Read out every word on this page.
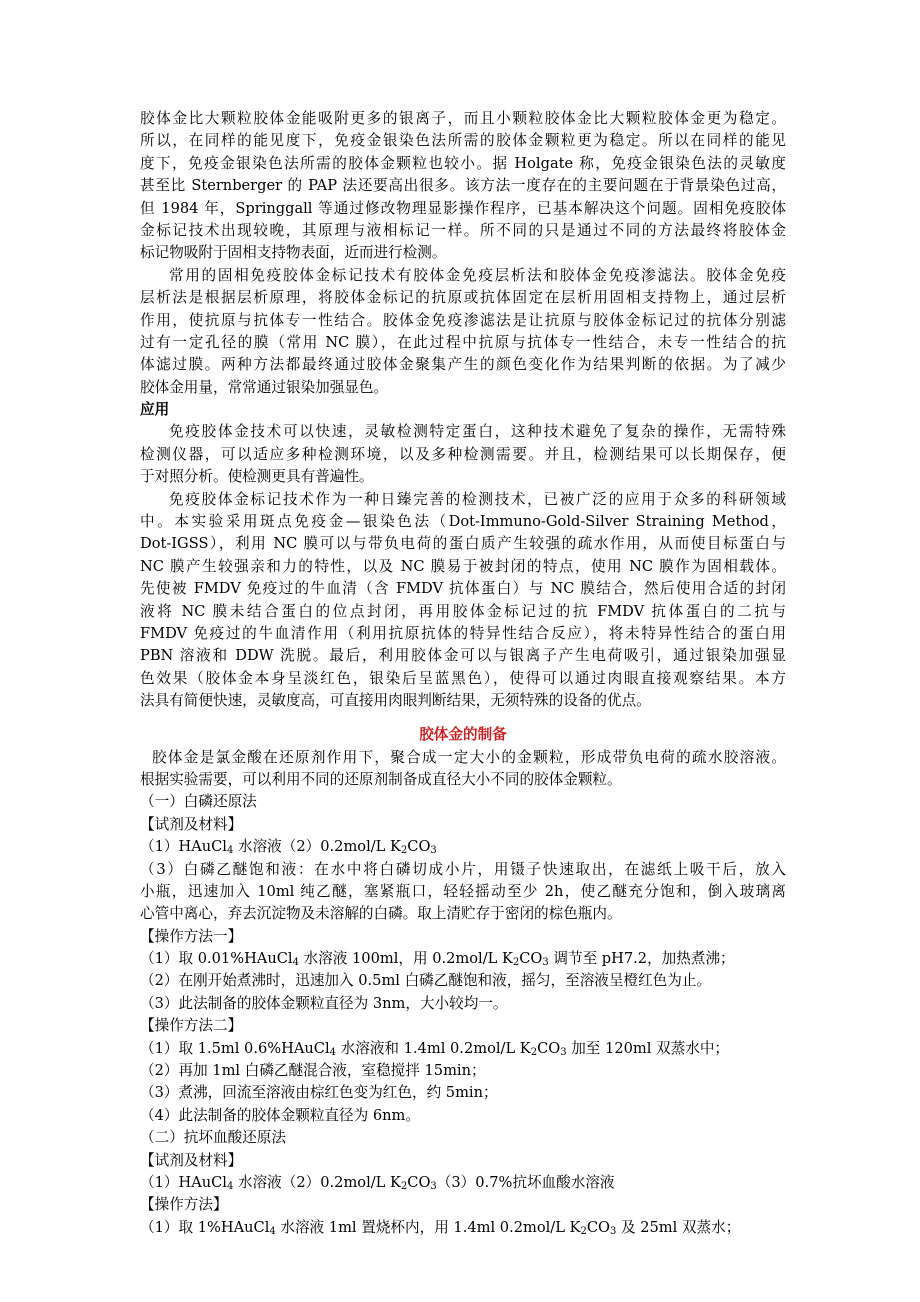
胶体金比大颗粒胶体金能吸附更多的银离子，而且小颗粒胶体金比大颗粒胶体金更为稳定。
所以，在同样的能见度下，免疫金银染色法所需的胶体金颗粒更为稳定。所以在同样的能见
度下，免疫金银染色法所需的胶体金颗粒也较小。据 Holgate 称，免疫金银染色法的灵敏度
甚至比 Sternberger 的 PAP 法还要高出很多。该方法一度存在的主要问题在于背景染色过高，
但 1984 年，Springgall 等通过修改物理显影操作程序，已基本解决这个问题。固相免疫胶体
金标记技术出现较晚，其原理与液相标记一样。所不同的只是通过不同的方法最终将胶体金
标记物吸附于固相支持物表面，近而进行检测。
常用的固相免疫胶体金标记技术有胶体金免疫层析法和胶体金免疫渗滤法。胶体金免疫
层析法是根据层析原理，将胶体金标记的抗原或抗体固定在层析用固相支持物上，通过层析
作用，使抗原与抗体专一性结合。胶体金免疫渗滤法是让抗原与胶体金标记过的抗体分别滤
过有一定孔径的膜（常用 NC 膜），在此过程中抗原与抗体专一性结合，未专一性结合的抗
体滤过膜。两种方法都最终通过胶体金聚集产生的颜色变化作为结果判断的依据。为了减少
胶体金用量，常常通过银染加强显色。
应用
免疫胶体金技术可以快速，灵敏检测特定蛋白，这种技术避免了复杂的操作，无需特殊
检测仪器，可以适应多种检测环境，以及多种检测需要。并且，检测结果可以长期保存，便
于对照分析。使检测更具有普遍性。
免疫胶体金标记技术作为一种日臻完善的检测技术，已被广泛的应用于众多的科研领域
中。本实验采用斑点免疫金—银染色法（Dot-Immuno-Gold-Silver Straining Method，
Dot-IGSS），利用 NC 膜可以与带负电荷的蛋白质产生较强的疏水作用，从而使目标蛋白与
NC 膜产生较强亲和力的特性，以及 NC 膜易于被封闭的特点，使用 NC 膜作为固相载体。
先使被 FMDV 免疫过的牛血清（含 FMDV 抗体蛋白）与 NC 膜结合，然后使用合适的封闭
液将 NC 膜未结合蛋白的位点封闭，再用胶体金标记过的抗 FMDV 抗体蛋白的二抗与
FMDV 免疫过的牛血清作用（利用抗原抗体的特异性结合反应），将未特异性结合的蛋白用
PBN 溶液和 DDW 洗脱。最后，利用胶体金可以与银离子产生电荷吸引，通过银染加强显
色效果（胶体金本身呈淡红色，银染后呈蓝黑色），使得可以通过肉眼直接观察结果。本方
法具有简便快速，灵敏度高，可直接用肉眼判断结果，无须特殊的设备的优点。
胶体金的制备
胶体金是氯金酸在还原剂作用下，聚合成一定大小的金颗粒，形成带负电荷的疏水胶溶液。
根据实验需要，可以利用不同的还原剂制备成直径大小不同的胶体金颗粒。
（一）白磷还原法
【试剂及材料】
（1）HAuCl$_4$ 水溶液（2）0.2mol/L $K_2CO_3$
（3）白磷乙醚饱和液：在水中将白磷切成小片，用镊子快速取出，在滤纸上吸干后，放入
小瓶，迅速加入 10ml 纯乙醚，塞紧瓶口，轻轻摇动至少 2h，使乙醚充分饱和，倒入玻璃离
心管中离心，弃去沉淀物及未溶解的白磷。取上清贮存于密闭的棕色瓶内。
【操作方法一】
（1）取 0.01%HAuCl$_4$ 水溶液 100ml，用 0.2mol/L $K_2CO_3$ 调节至 pH7.2，加热煮沸；
（2）在刚开始煮沸时，迅速加入 0.5ml 白磷乙醚饱和液，摇匀，至溶液呈橙红色为止。
（3）此法制备的胶体金颗粒直径为 3nm，大小较均一。
【操作方法二】
（1）取 1.5ml 0.6%HAuCl$_4$ 水溶液和 1.4ml 0.2mol/L $K_2CO_3$ 加至 120ml 双蒸水中；
（2）再加 1ml 白磷乙醚混合液，室稳搅拌 15min；
（3）煮沸，回流至溶液由棕红色变为红色，约 5min；
（4）此法制备的胶体金颗粒直径为 6nm。
（二）抗坏血酸还原法
【试剂及材料】
（1）HAuCl$_4$ 水溶液（2）0.2mol/L $K_2CO_3(3)0.7\%$抗坏血酸水溶液
【操作方法】
（1）取 1%HAuCl$_4$ 水溶液 1ml 置烧杯内，用 1.4ml 0.2mol/L $K_2CO_3$ 及 25ml 双蒸水；
